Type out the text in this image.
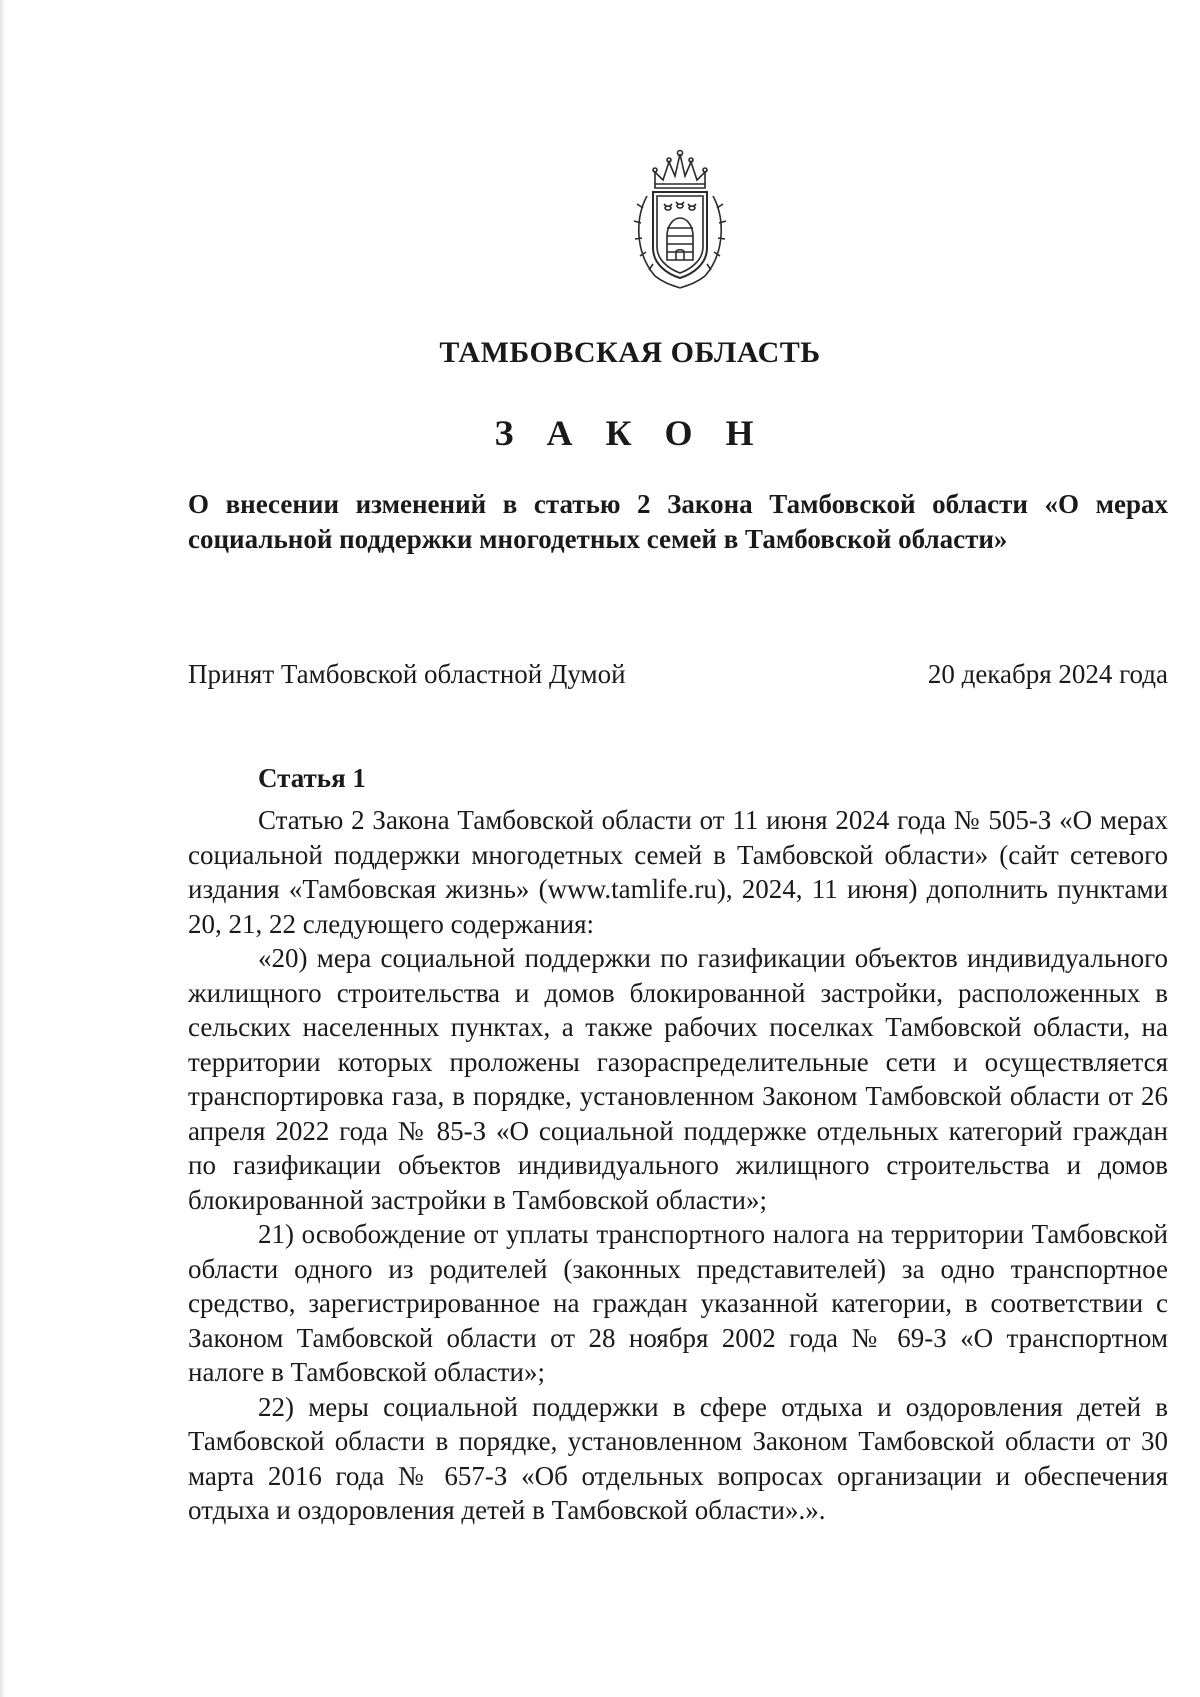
ТАМБОВСКАЯ ОБЛАСТЬ
З А К О Н
О внесении изменений в статью 2 Закона Тамбовской области «О мерах социальной поддержки многодетных семей в Тамбовской области»
Принят Тамбовской областной Думой	20 декабря 2024 года
Статья 1

Статью 2 Закона Тамбовской области от 11 июня 2024 года № 505-З «О мерах социальной поддержки многодетных семей в Тамбовской области» (сайт сетевого издания «Тамбовская жизнь» (www.tamlife.ru), 2024, 11 июня) дополнить пунктами 20, 21, 22 следующего содержания:

«20) мера социальной поддержки по газификации объектов индивидуального жилищного строительства и домов блокированной застройки, расположенных в сельских населенных пунктах, а также рабочих поселках Тамбовской области, на территории которых проложены газораспределительные сети и осуществляется транспортировка газа, в порядке, установленном Законом Тамбовской области от 26 апреля 2022 года № 85-З «О социальной поддержке отдельных категорий граждан по газификации объектов индивидуального жилищного строительства и домов блокированной застройки в Тамбовской области»;

21) освобождение от уплаты транспортного налога на территории Тамбовской области одного из родителей (законных представителей) за одно транспортное средство, зарегистрированное на граждан указанной категории, в соответствии с Законом Тамбовской области от 28 ноября 2002 года № 69-З «О транспортном налоге в Тамбовской области»;

22) меры социальной поддержки в сфере отдыха и оздоровления детей в Тамбовской области в порядке, установленном Законом Тамбовской области от 30 марта 2016 года № 657-З «Об отдельных вопросах организации и обеспечения отдыха и оздоровления детей в Тамбовской области».».
